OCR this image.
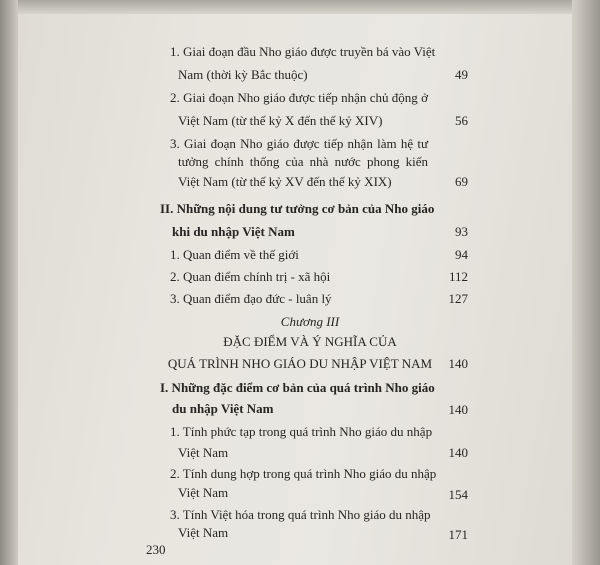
1. Giai đoạn đầu Nho giáo được truyền bá vào Việt
Nam (thời kỳ Bắc thuộc)	49
2. Giai đoạn Nho giáo được tiếp nhận chủ động ở
Việt Nam (từ thế kỷ X đến thế kỷ XIV)	56
3. Giai đoạn Nho giáo được tiếp nhận làm hệ tư
tưởng chính thống của nhà nước phong kiến
Việt Nam (từ thế kỷ XV đến thế kỷ XIX)	69
II. Những nội dung tư tưởng cơ bản của Nho giáo
khi du nhập Việt Nam	93
1. Quan điểm về thế giới	94
2. Quan điểm chính trị - xã hội	112
3. Quan điểm đạo đức - luân lý	127
Chương III
ĐẶC ĐIỂM VÀ Ý NGHĨA CỦA
QUÁ TRÌNH NHO GIÁO DU NHẬP VIỆT NAM	140
I. Những đặc điểm cơ bản của quá trình Nho giáo
du nhập Việt Nam	140
1. Tính phức tạp trong quá trình Nho giáo du nhập
Việt Nam	140
2. Tính dung hợp trong quá trình Nho giáo du nhập
Việt Nam	154
3. Tính Việt hóa trong quá trình Nho giáo du nhập
Việt Nam	171
230
